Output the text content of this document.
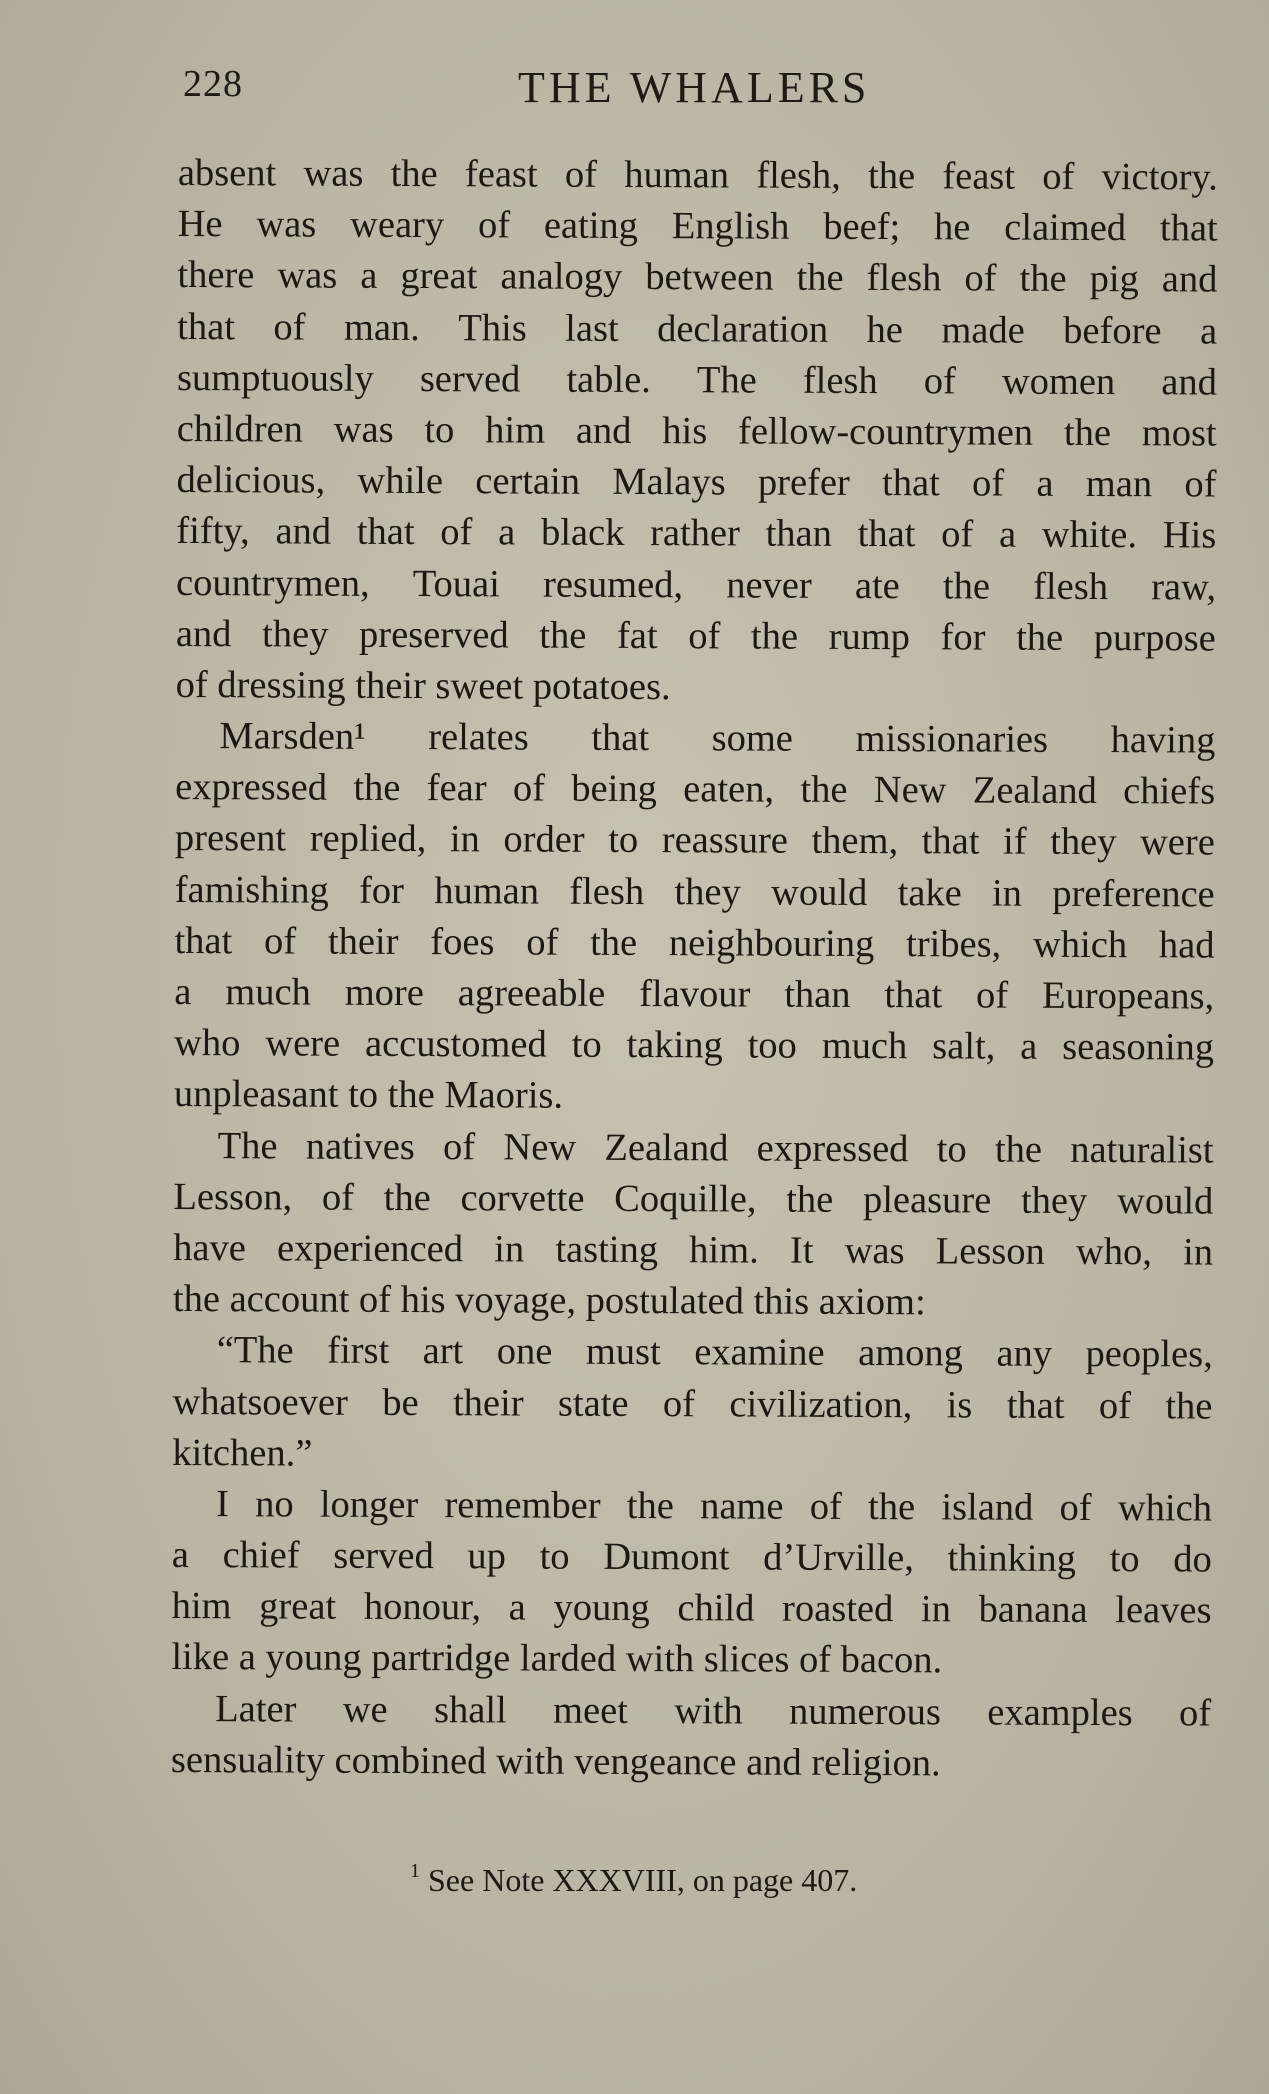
228	THE WHALERS
absent was the feast of human flesh, the feast of victory.
He was weary of eating English beef; he claimed that
there was a great analogy between the flesh of the pig and
that of man. This last declaration he made before a
sumptuously served table. The flesh of women and
children was to him and his fellow-countrymen the most
delicious, while certain Malays prefer that of a man of
fifty, and that of a black rather than that of a white. His
countrymen, Touai resumed, never ate the flesh raw,
and they preserved the fat of the rump for the purpose
of dressing their sweet potatoes.
Marsden¹ relates that some missionaries having
expressed the fear of being eaten, the New Zealand chiefs
present replied, in order to reassure them, that if they were
famishing for human flesh they would take in preference
that of their foes of the neighbouring tribes, which had
a much more agreeable flavour than that of Europeans,
who were accustomed to taking too much salt, a seasoning
unpleasant to the Maoris.
The natives of New Zealand expressed to the naturalist
Lesson, of the corvette Coquille, the pleasure they would
have experienced in tasting him. It was Lesson who, in
the account of his voyage, postulated this axiom:
“The first art one must examine among any peoples,
whatsoever be their state of civilization, is that of the
kitchen.”
I no longer remember the name of the island of which
a chief served up to Dumont d’Urville, thinking to do
him great honour, a young child roasted in banana leaves
like a young partridge larded with slices of bacon.
Later we shall meet with numerous examples of
sensuality combined with vengeance and religion.
$^1$ See Note XXXVIII, on page 407.
